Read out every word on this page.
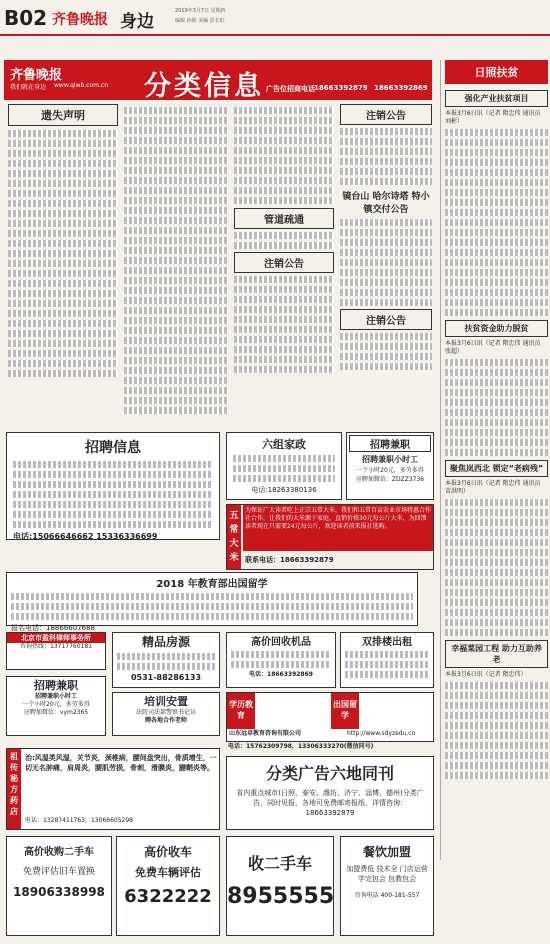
B02 齐鲁晚报 身边
2019年3月7日 星期四
编辑 孙筱 美编 彭长虹
齐鲁晚报
我们就在身边 www.qlwb.com.cn 分类信息 广告位招商电话 18663392879 18663392869
遗失声明
管道疏通
注销公告
注销公告
镜台山 哈尔诗塔 特小镇交付公告
注销公告
日照扶贫
强化产业扶贫项目
本报3月6日讯（记者 隋忠伟 通讯员 刘彬）
扶贫资金助力脱贫
本报3月6日讯（记者 隋忠伟 通讯员 张超）
聚焦岚西北 锁定“老病残”
本报3月6日讯（记者 隋忠伟 通讯员 苗洪明）
幸福菜园工程 助力互助养老
本报3月6日讯（记者 隋忠伟）
招聘信息
电话:15066646662 15336336699
六组家政
电话:18263380136
招聘兼职
招聘兼职小时工
一个小时20元，多劳多得
应聘加微信：ZDZZ3736
五常大米
为保证广大读者吃上正宗五常大米，我们和五常百亩农业市场特惠合作社合作，让我们的大米源于家庭，直销价格30元每公斤大米，为回馈读者现在只需要24元每公斤，欢迎读者前来报社选购。
联系电话：18663392879
2018 年教育部出国留学
报名电话：18866607688
北京市盈科律师事务所
咨询热线：13717760181
招聘兼职
招聘兼职小时工
一个小时20元，多劳多得
应聘加微信：vym2365
精品房源
0531-88286133
培训安置
法院司法部警察书记员
聘各地合作老师
高价回收机品
电话：18663392869
双排楼出租
学历教育
出国留学
山东远卓教育咨询有限公司	http://www.sdyzedu.cn
电话：15762309798，13306333270(微信同号)
祖传秘方药店
治:风湿类风湿，关节炎，颈椎病，腰间盘突出，骨质增生，一切无名肿痛，肩周炎，腰肌劳损，骨刺，滑膜炎，腱鞘炎等。
电话：13287411763，13066605298
分类广告六地同刊
省内重点城市(日照、泰安、潍坊、济宁、淄博、德州)分类广告，同时见报，各地可免费邮寄报纸，详情咨询：18663392879
高价收购二手车
免费评估旧车置换
18906338998
高价收车
免费车辆评估
6322222
收二手车
8955555
餐饮加盟
加盟费低 技术全 门店运营 学完包会 包教包会
咨询电话 400-181-557
